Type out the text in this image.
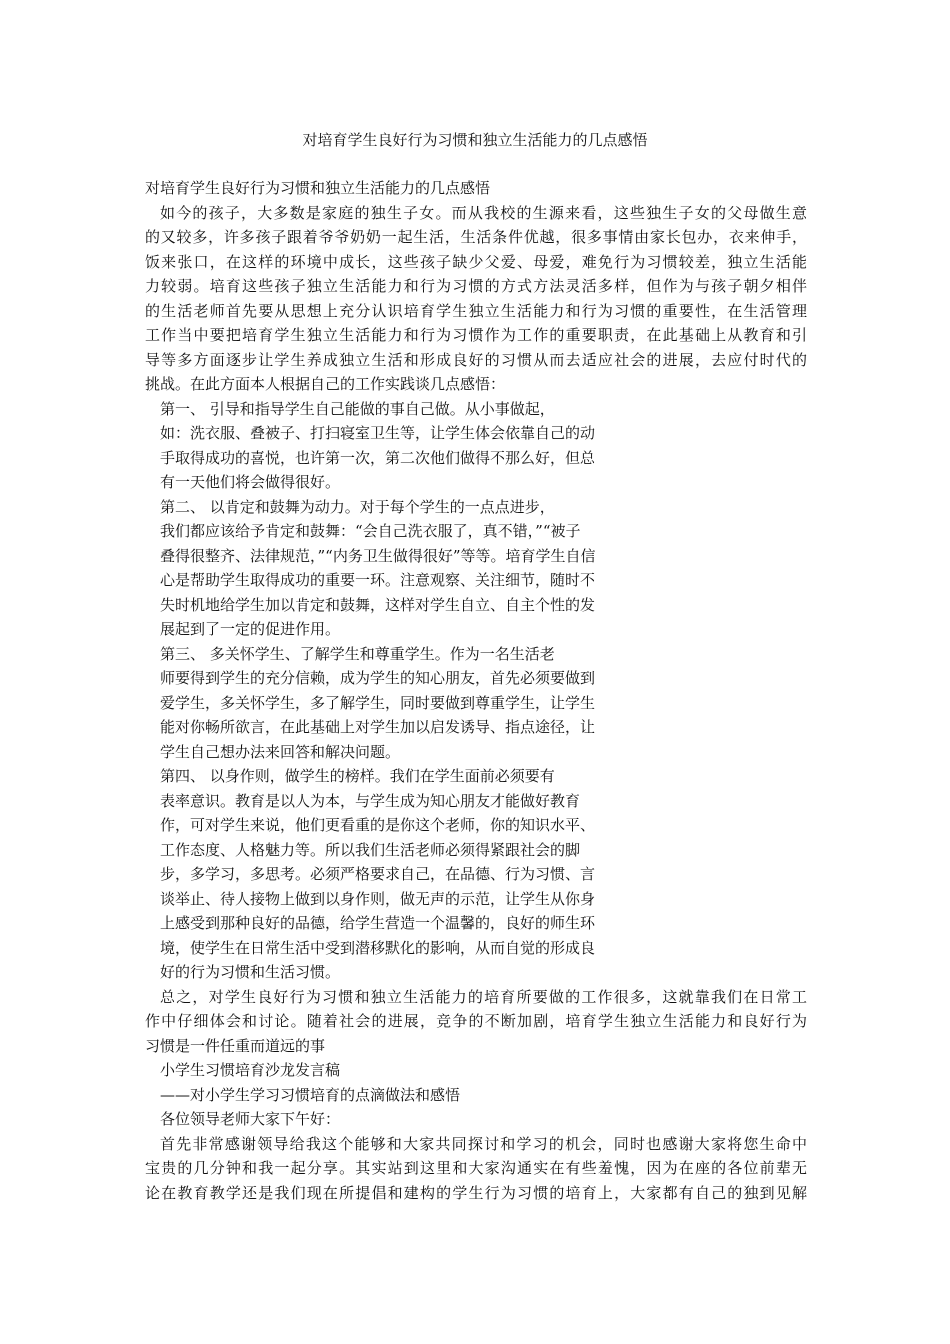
对培育学生良好行为习惯和独立生活能力的几点感悟
对培育学生良好行为习惯和独立生活能力的几点感悟
如今的孩子，大多数是家庭的独生子女。而从我校的生源来看，这些独生子女的父母做生意
的又较多，许多孩子跟着爷爷奶奶一起生活，生活条件优越，很多事情由家长包办，衣来伸手，
饭来张口，在这样的环境中成长，这些孩子缺少父爱、母爱，难免行为习惯较差，独立生活能
力较弱。培育这些孩子独立生活能力和行为习惯的方式方法灵活多样，但作为与孩子朝夕相伴
的生活老师首先要从思想上充分认识培育学生独立生活能力和行为习惯的重要性，在生活管理
工作当中要把培育学生独立生活能力和行为习惯作为工作的重要职责，在此基础上从教育和引
导等多方面逐步让学生养成独立生活和形成良好的习惯从而去适应社会的进展，去应付时代的
挑战。在此方面本人根据自己的工作实践谈几点感悟：
第一、 引导和指导学生自己能做的事自己做。从小事做起，
如：洗衣服、叠被子、打扫寝室卫生等，让学生体会依靠自己的动
手取得成功的喜悦，也许第一次，第二次他们做得不那么好，但总
有一天他们将会做得很好。
第二、 以肯定和鼓舞为动力。对于每个学生的一点点进步，
我们都应该给予肯定和鼓舞：“会自己洗衣服了，真不错，”“被子
叠得很整齐、法律规范，”“内务卫生做得很好”等等。培育学生自信
心是帮助学生取得成功的重要一环。注意观察、关注细节，随时不
失时机地给学生加以肯定和鼓舞，这样对学生自立、自主个性的发
展起到了一定的促进作用。
第三、 多关怀学生、了解学生和尊重学生。作为一名生活老
师要得到学生的充分信赖，成为学生的知心朋友，首先必须要做到
爱学生，多关怀学生，多了解学生，同时要做到尊重学生，让学生
能对你畅所欲言，在此基础上对学生加以启发诱导、指点途径，让
学生自己想办法来回答和解决问题。
第四、 以身作则，做学生的榜样。我们在学生面前必须要有
表率意识。教育是以人为本，与学生成为知心朋友才能做好教育
作，可对学生来说，他们更看重的是你这个老师，你的知识水平、
工作态度、人格魅力等。所以我们生活老师必须得紧跟社会的脚
步，多学习，多思考。必须严格要求自己，在品德、行为习惯、言
谈举止、待人接物上做到以身作则，做无声的示范，让学生从你身
上感受到那种良好的品德，给学生营造一个温馨的，良好的师生环
境，使学生在日常生活中受到潜移默化的影响，从而自觉的形成良
好的行为习惯和生活习惯。
总之，对学生良好行为习惯和独立生活能力的培育所要做的工作很多，这就靠我们在日常工
作中仔细体会和讨论。随着社会的进展，竞争的不断加剧，培育学生独立生活能力和良好行为
习惯是一件任重而道远的事
小学生习惯培育沙龙发言稿
——对小学生学习习惯培育的点滴做法和感悟
各位领导老师大家下午好：
首先非常感谢领导给我这个能够和大家共同探讨和学习的机会，同时也感谢大家将您生命中
宝贵的几分钟和我一起分享。其实站到这里和大家沟通实在有些羞愧，因为在座的各位前辈无
论在教育教学还是我们现在所提倡和建构的学生行为习惯的培育上，大家都有自己的独到见解
